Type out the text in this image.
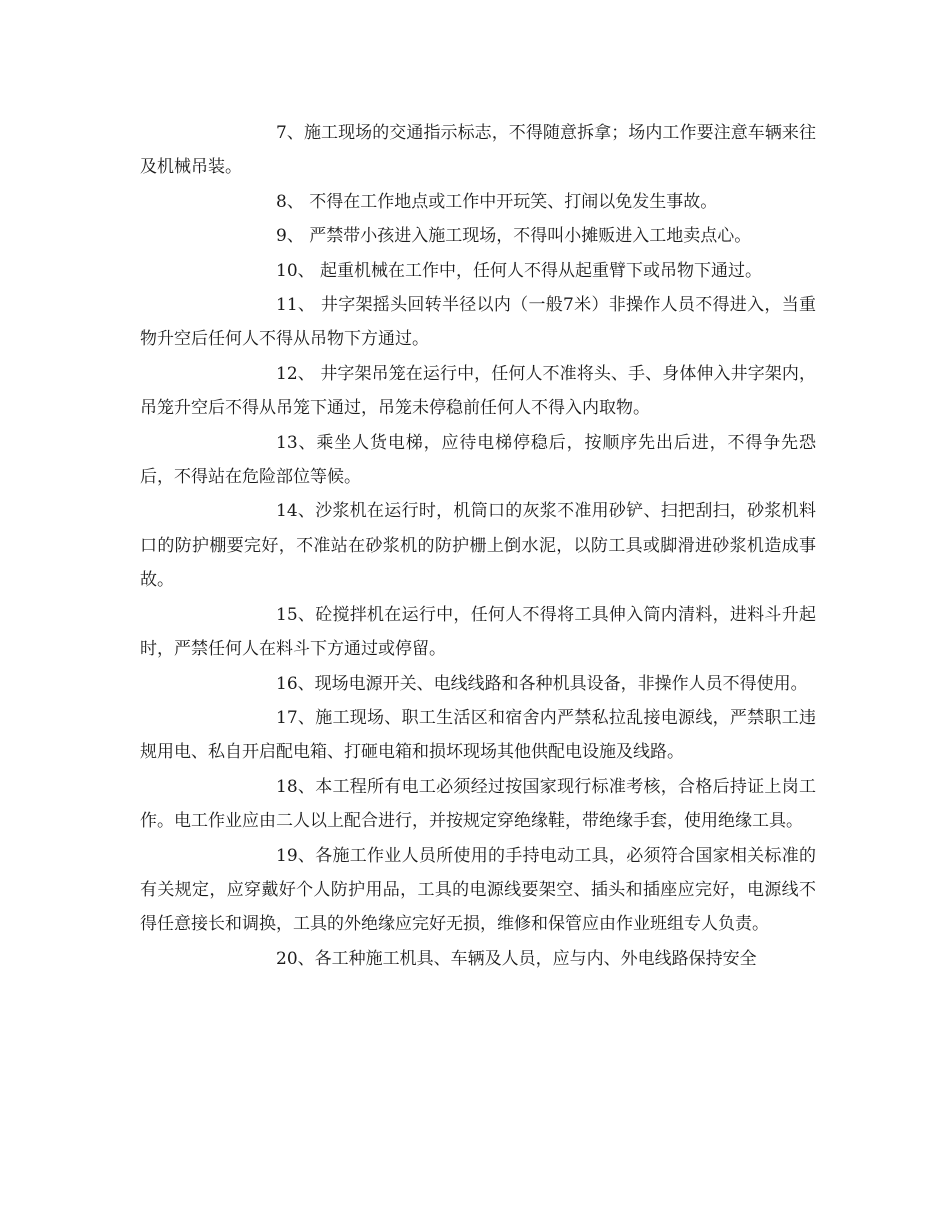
7、施工现场的交通指示标志，不得随意拆拿；场内工作要注意车辆来往及机械吊装。

8、 不得在工作地点或工作中开玩笑、打闹以免发生事故。

9、 严禁带小孩进入施工现场，不得叫小摊贩进入工地卖点心。

10、 起重机械在工作中，任何人不得从起重臂下或吊物下通过。

11、 井字架摇头回转半径以内（一般7米）非操作人员不得进入，当重物升空后任何人不得从吊物下方通过。

12、 井字架吊笼在运行中，任何人不准将头、手、身体伸入井字架内，吊笼升空后不得从吊笼下通过，吊笼未停稳前任何人不得入内取物。

13、乘坐人货电梯，应待电梯停稳后，按顺序先出后进，不得争先恐后，不得站在危险部位等候。

14、沙浆机在运行时，机筒口的灰浆不准用砂铲、扫把刮扫，砂浆机料口的防护棚要完好，不准站在砂浆机的防护栅上倒水泥，以防工具或脚滑进砂浆机造成事故。

15、砼搅拌机在运行中，任何人不得将工具伸入筒内清料，进料斗升起时，严禁任何人在料斗下方通过或停留。

16、现场电源开关、电线线路和各种机具设备，非操作人员不得使用。

17、施工现场、职工生活区和宿舍内严禁私拉乱接电源线，严禁职工违规用电、私自开启配电箱、打砸电箱和损坏现场其他供配电设施及线路。

18、本工程所有电工必须经过按国家现行标准考核，合格后持证上岗工作。电工作业应由二人以上配合进行，并按规定穿绝缘鞋，带绝缘手套，使用绝缘工具。

19、各施工作业人员所使用的手持电动工具，必须符合国家相关标准的有关规定，应穿戴好个人防护用品，工具的电源线要架空、插头和插座应完好，电源线不得任意接长和调换，工具的外绝缘应完好无损，维修和保管应由作业班组专人负责。

20、各工种施工机具、车辆及人员，应与内、外电线路保持安全
